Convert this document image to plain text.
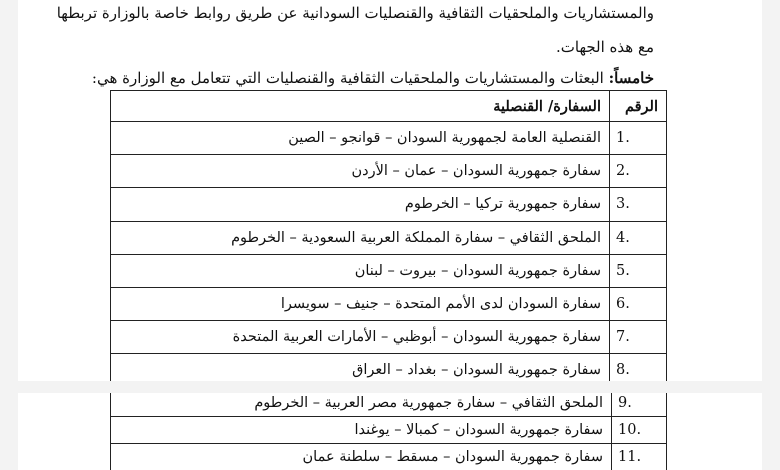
والمستشاريات والملحقيات الثقافية والقنصليات السودانية عن طريق روابط خاصة بالوزارة تربطها
مع هذه الجهات.
خامساً: البعثات والمستشاريات والملحقيات الثقافية والقنصليات التي تتعامل مع الوزارة هي:
الرقم	السفارة/ القنصلية
1.	القنصلية العامة لجمهورية السودان – قوانجو – الصين
2.	سفارة جمهورية السودان – عمان – الأردن
3.	سفارة جمهورية تركيا – الخرطوم
4.	الملحق الثقافي – سفارة المملكة العربية السعودية – الخرطوم
5.	سفارة جمهورية السودان – بيروت – لبنان
6.	سفارة السودان لدى الأمم المتحدة – جنيف – سويسرا
7.	سفارة جمهورية السودان – أبوظبي – الأمارات العربية المتحدة
8.	سفارة جمهورية السودان – بغداد – العراق
9.	الملحق الثقافي – سفارة جمهورية مصر العربية – الخرطوم
10.	سفارة جمهورية السودان – كمبالا – يوغندا
11.	سفارة جمهورية السودان – مسقط – سلطنة عمان
